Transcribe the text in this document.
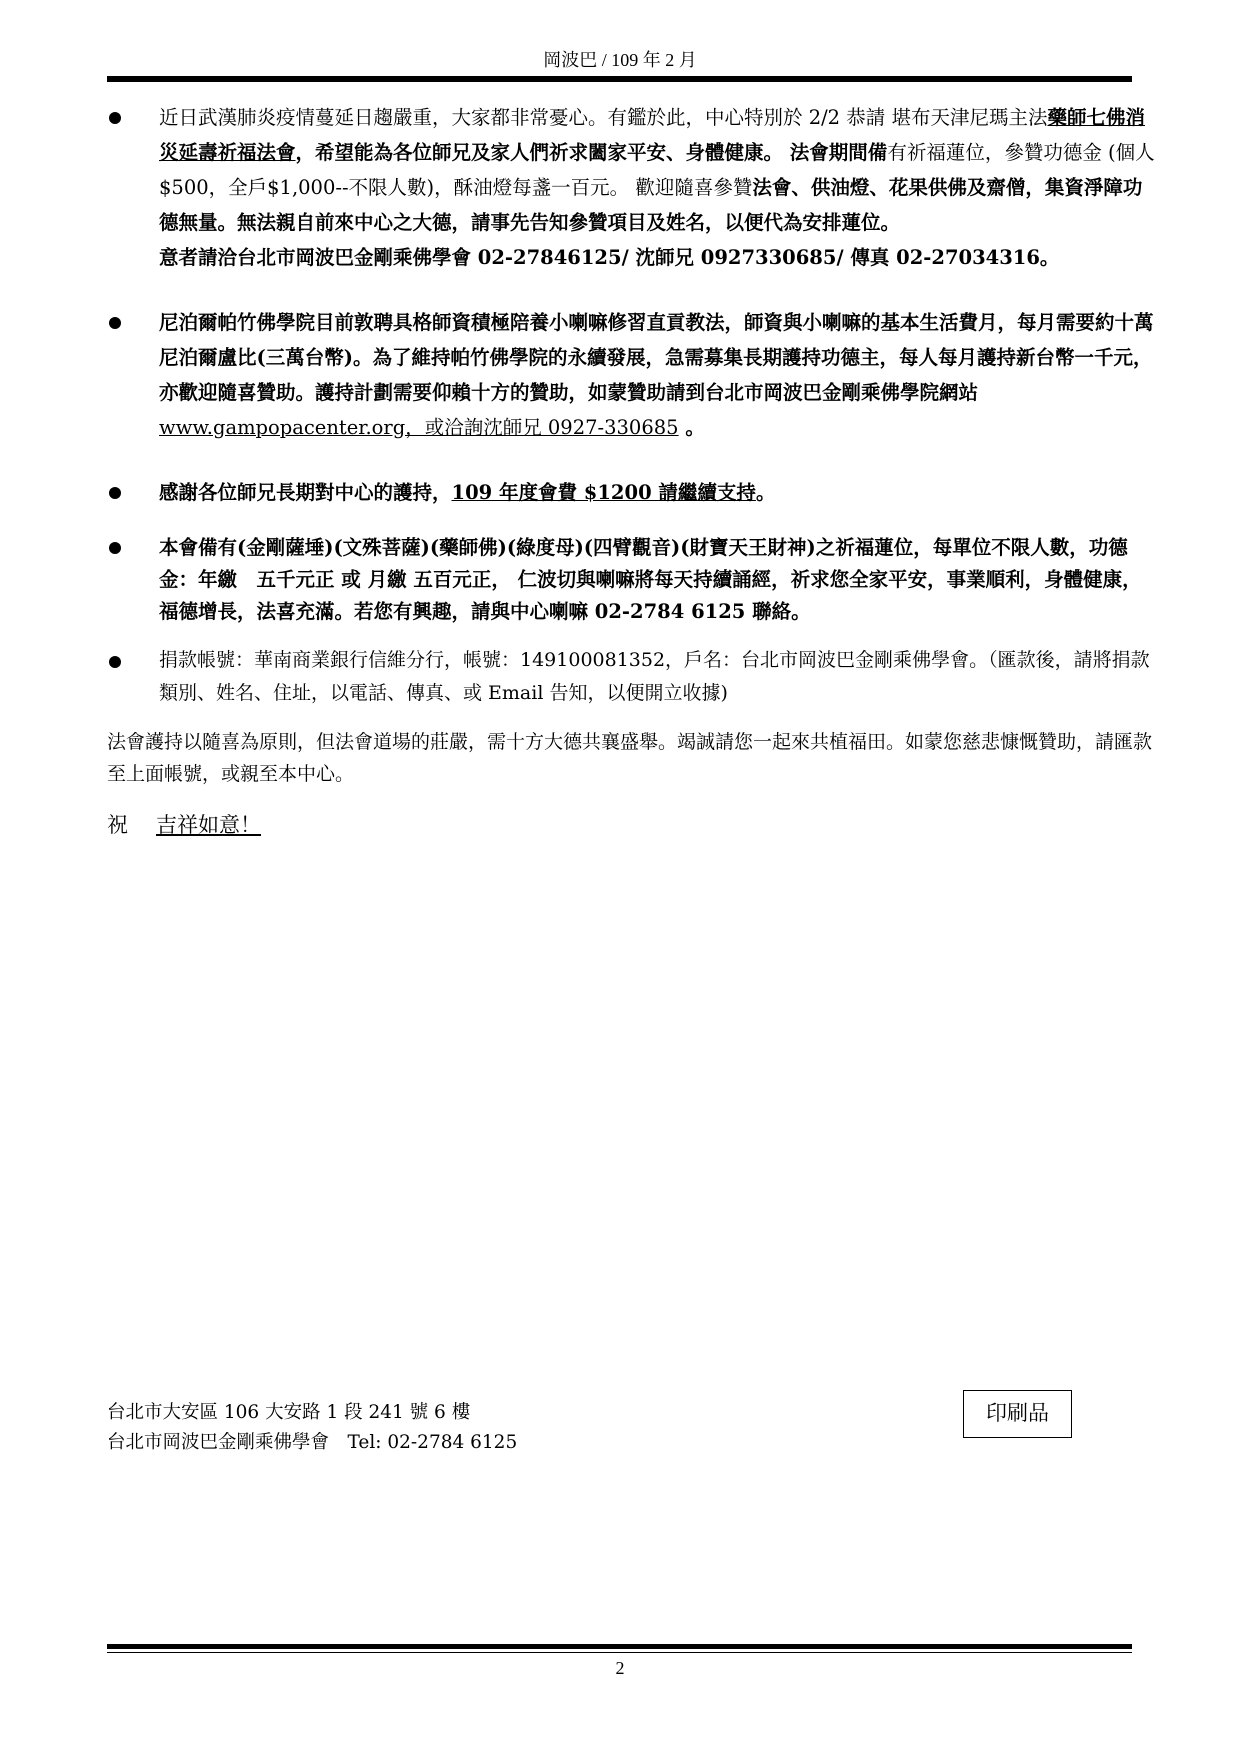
岡波巴 / 109 年 2 月
近日武漢肺炎疫情蔓延日趨嚴重，大家都非常憂心。有鑑於此，中心特別於 2/2 恭請 堪布天津尼瑪主法藥師七佛消災延壽祈福法會，希望能為各位師兄及家人們祈求闔家平安、身體健康。 法會期間備有祈福蓮位，參贊功德金 (個人$500，全戶$1,000--不限人數)，酥油燈每盞一百元。 歡迎隨喜參贊法會、供油燈、花果供佛及齋僧，集資淨障功德無量。無法親自前來中心之大德，請事先告知參贊項目及姓名，以便代為安排蓮位。
意者請洽台北市岡波巴金剛乘佛學會 02-27846125/ 沈師兄 0927330685/ 傳真 02-27034316。
尼泊爾帕竹佛學院目前敦聘具格師資積極陪養小喇嘛修習直貢教法，師資與小喇嘛的基本生活費月，每月需要約十萬尼泊爾盧比(三萬台幣)。為了維持帕竹佛學院的永續發展，急需募集長期護持功德主，每人每月護持新台幣一千元，亦歡迎隨喜贊助。護持計劃需要仰賴十方的贊助，如蒙贊助請到台北市岡波巴金剛乘佛學院網站 www.gampopacenter.org，或洽詢沈師兄 0927-330685 。
感謝各位師兄長期對中心的護持，109 年度會費 $1200 請繼續支持。
本會備有(金剛薩埵)(文殊菩薩)(藥師佛)(綠度母)(四臂觀音)(財寶天王財神)之祈福蓮位，每單位不限人數，功德金：年繳　五千元正 或 月繳 五百元正， 仁波切與喇嘛將每天持續誦經，祈求您全家平安，事業順利，身體健康，福德增長，法喜充滿。若您有興趣，請與中心喇嘛 02-2784 6125 聯絡。
捐款帳號：華南商業銀行信維分行，帳號：149100081352，戶名：台北市岡波巴金剛乘佛學會。（匯款後，請將捐款類別、姓名、住址，以電話、傳真、或 Email 告知，以便開立收據)
法會護持以隨喜為原則，但法會道場的莊嚴，需十方大德共襄盛舉。竭誠請您一起來共植福田。如蒙您慈悲慷慨贊助，請匯款至上面帳號，或親至本中心。
祝 吉祥如意！
台北市大安區 106 大安路 1 段 241 號 6 樓
台北市岡波巴金剛乘佛學會　Tel: 02-2784 6125
印刷品
2
